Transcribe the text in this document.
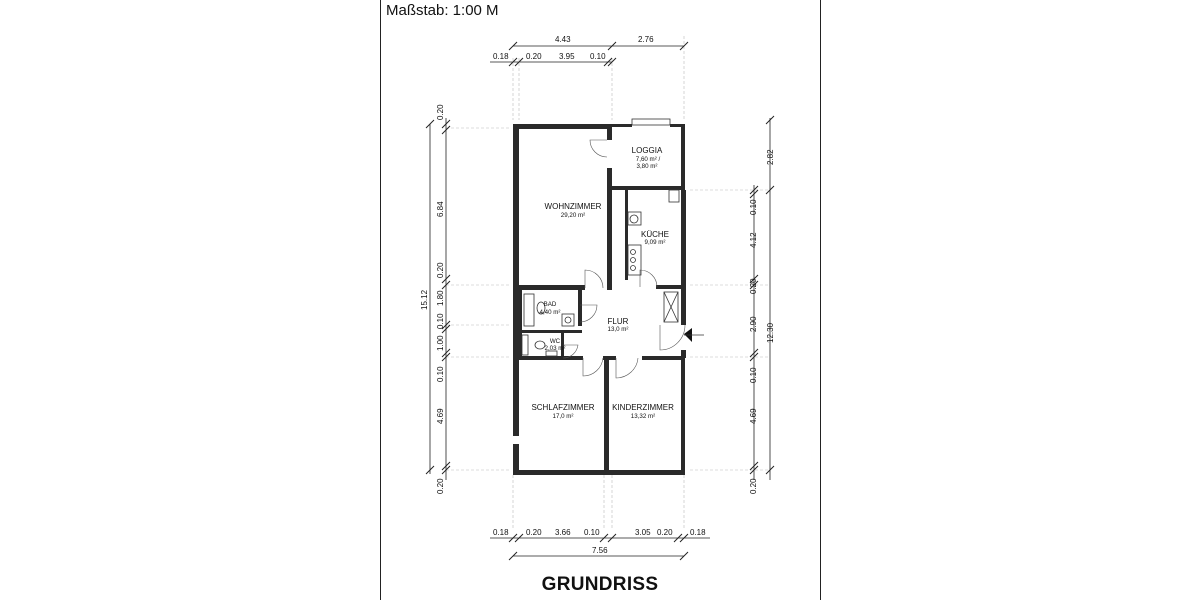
Maßstab: 1:00 M
4.43	2.76
0.18 0.20 3.95 0.10
0.18 0.20 3.66 0.10	3.05 0.20 0.18
7.56
15.12
0.20
6.84
0.20
1.80
0.10
1.00
0.10
4.69
0.20
12.30
2.82
0.10
4.12
0.20
2.90
0.10
4.69
0.20
LOGGIA
7,60 m² /
3,80 m²
WOHNZIMMER
29,20 m²
KÜCHE
9,09 m²
BAD
4,40 m²
FLUR
13,0 m²
WC
2,03 m²
SCHLAFZIMMER
17,0 m²
KINDERZIMMER
13,32 m²
GRUNDRISS
